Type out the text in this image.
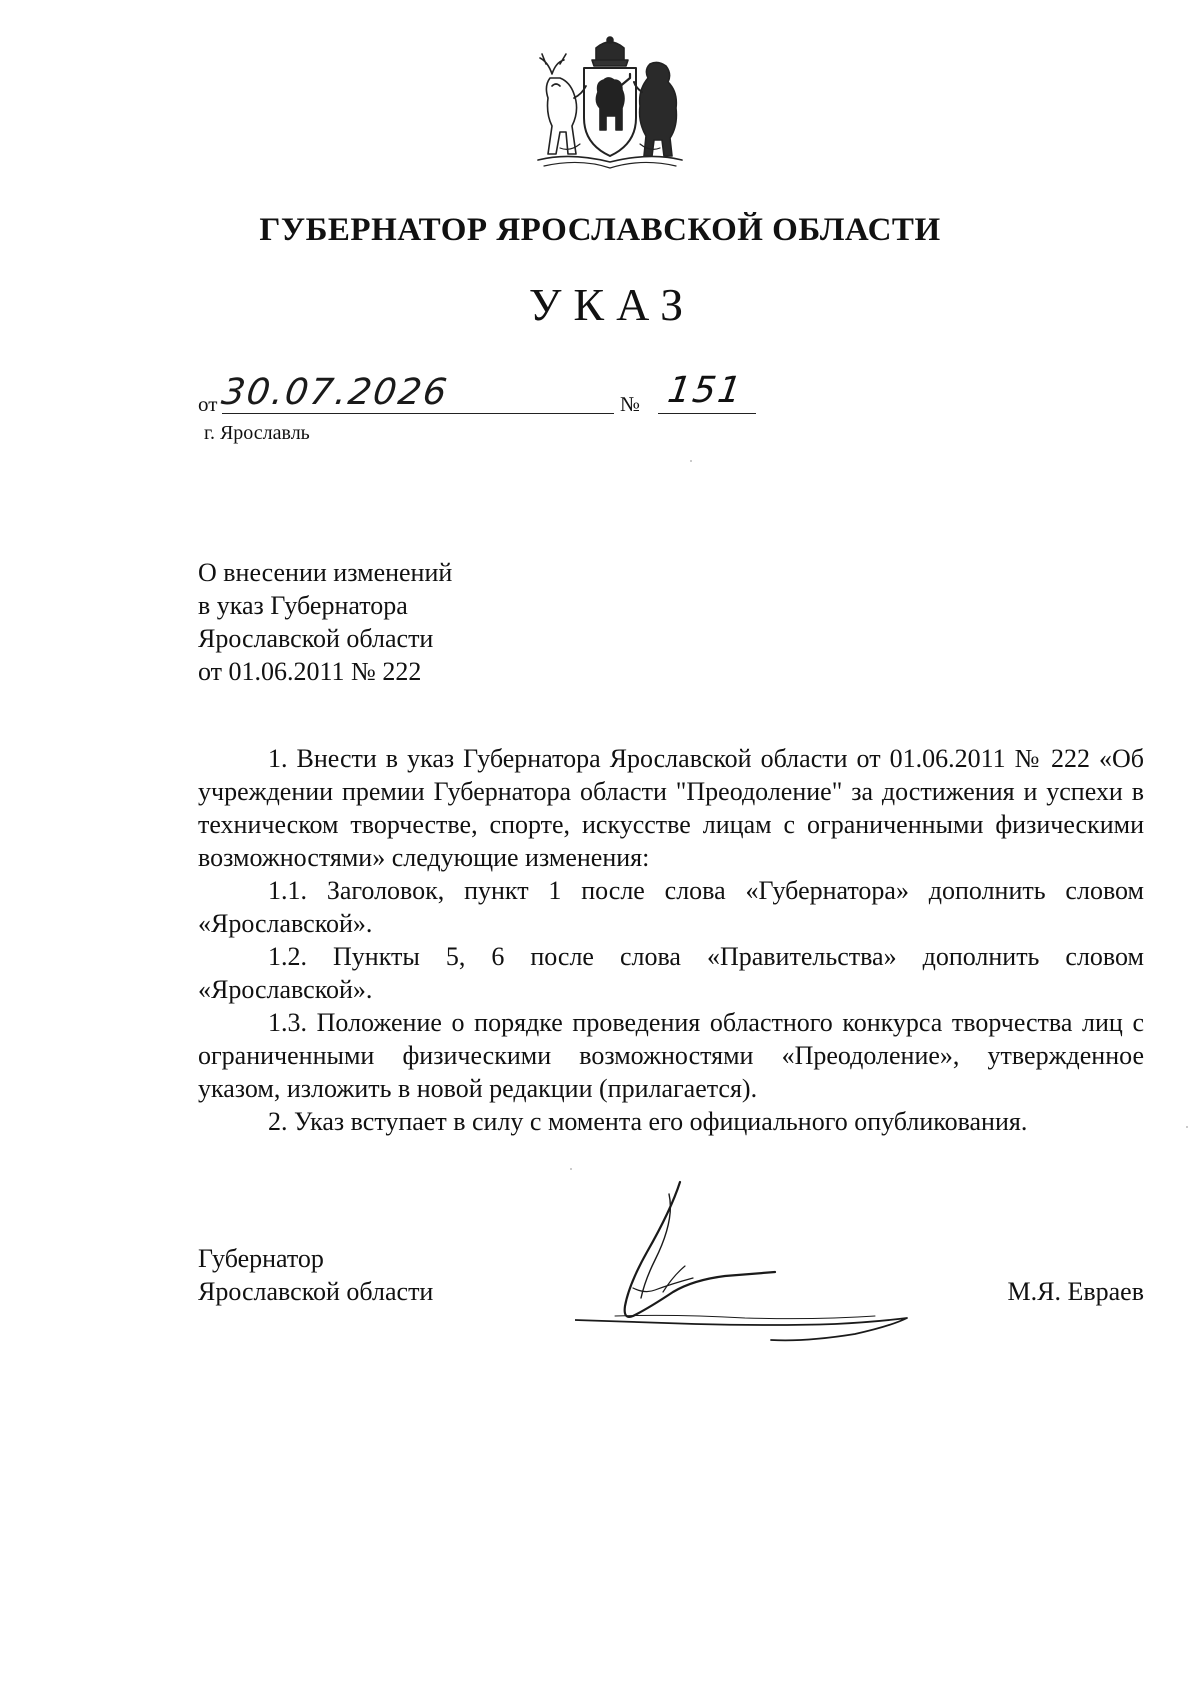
ГУБЕРНАТОР ЯРОСЛАВСКОЙ ОБЛАСТИ
УКАЗ
от 30.07.2026	№ 151
г. Ярославль
О внесении изменений
в указ Губернатора
Ярославской области
от 01.06.2011 № 222

1. Внести в указ Губернатора Ярославской области от 01.06.2011 № 222 «Об учреждении премии Губернатора области "Преодоление" за достижения и успехи в техническом творчестве, спорте, искусстве лицам с ограниченными физическими возможностями» следующие изменения:

1.1. Заголовок, пункт 1 после слова «Губернатора» дополнить словом «Ярославской».

1.2. Пункты 5, 6 после слова «Правительства» дополнить словом «Ярославской».

1.3. Положение о порядке проведения областного конкурса творчества лиц с ограниченными физическими возможностями «Преодоление», утвержденное указом, изложить в новой редакции (прилагается).

2. Указ вступает в силу с момента его официального опубликования.

Губернатор
Ярославской области	М.Я. Евраев
